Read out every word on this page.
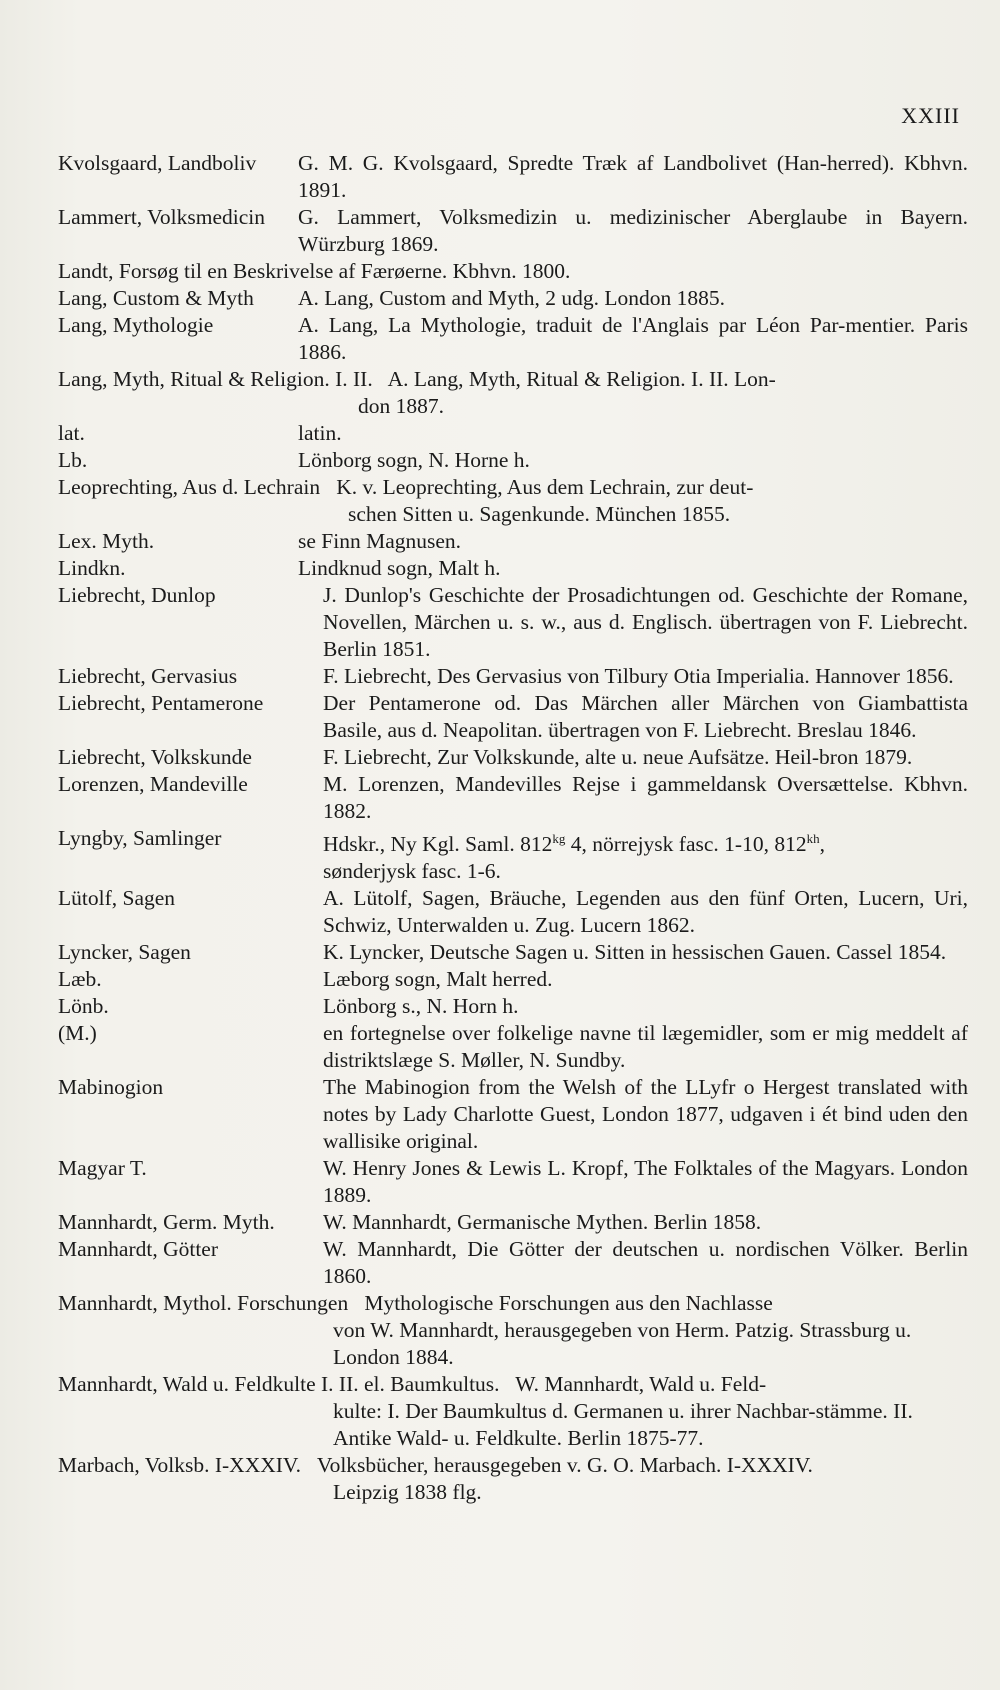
XXIII
Kvolsgaard, Landboliv	G. M. G. Kvolsgaard, Spredte Træk af Landbolivet (Han-herred). Kbhvn. 1891.
Lammert, Volksmedicin	G. Lammert, Volksmedizin u. medizinischer Aberglaube in Bayern. Würzburg 1869.
Landt, Forsøg til en Beskrivelse af Færøerne. Kbhvn. 1800.
Lang, Custom & Myth	A. Lang, Custom and Myth, 2 udg. London 1885.
Lang, Mythologie	A. Lang, La Mythologie, traduit de l'Anglais par Léon Par-mentier. Paris 1886.
Lang, Myth, Ritual & Religion. I. II.   A. Lang, Myth, Ritual & Religion. I. II. Lon-
don 1887.
lat.	latin.
Lb.	Lönborg sogn, N. Horne h.
Leoprechting, Aus d. Lechrain   K. v. Leoprechting, Aus dem Lechrain, zur deut-
schen Sitten u. Sagenkunde. München 1855.
Lex. Myth.	se Finn Magnusen.
Lindkn.	Lindknud sogn, Malt h.
Liebrecht, Dunlop	J. Dunlop's Geschichte der Prosadichtungen od. Geschichte der Romane, Novellen, Märchen u. s. w., aus d. Englisch. übertragen von F. Liebrecht. Berlin 1851.
Liebrecht, Gervasius	F. Liebrecht, Des Gervasius von Tilbury Otia Imperialia. Hannover 1856.
Liebrecht, Pentamerone	Der Pentamerone od. Das Märchen aller Märchen von Giambattista Basile, aus d. Neapolitan. übertragen von F. Liebrecht. Breslau 1846.
Liebrecht, Volkskunde	F. Liebrecht, Zur Volkskunde, alte u. neue Aufsätze. Heil-bron 1879.
Lorenzen, Mandeville	M. Lorenzen, Mandevilles Rejse i gammeldansk Oversættelse. Kbhvn. 1882.
Lyngby, Samlinger	Hdskr., Ny Kgl. Saml. $812^{kg}$ 4, nörrejysk fasc. 1-10, $812^{kh}$,
sønderjysk fasc. 1-6.
Lütolf, Sagen	A. Lütolf, Sagen, Bräuche, Legenden aus den fünf Orten, Lucern, Uri, Schwiz, Unterwalden u. Zug. Lucern 1862.
Lyncker, Sagen	K. Lyncker, Deutsche Sagen u. Sitten in hessischen Gauen. Cassel 1854.
Læb.	Læborg sogn, Malt herred.
Lönb.	Lönborg s., N. Horn h.
(M.)	en fortegnelse over folkelige navne til lægemidler, som er mig meddelt af distriktslæge S. Møller, N. Sundby.
Mabinogion	The Mabinogion from the Welsh of the LLyfr o Hergest translated with notes by Lady Charlotte Guest, London 1877, udgaven i ét bind uden den wallisike original.
Magyar T.	W. Henry Jones & Lewis L. Kropf, The Folktales of the Magyars. London 1889.
Mannhardt, Germ. Myth.	W. Mannhardt, Germanische Mythen. Berlin 1858.
Mannhardt, Götter	W. Mannhardt, Die Götter der deutschen u. nordischen Völker. Berlin 1860.
Mannhardt, Mythol. Forschungen   Mythologische Forschungen aus den Nachlasse
von W. Mannhardt, herausgegeben von Herm. Patzig. Strassburg u. London 1884.
Mannhardt, Wald u. Feldkulte I. II. el. Baumkultus.   W. Mannhardt, Wald u. Feld-
kulte: I. Der Baumkultus d. Germanen u. ihrer Nachbar-stämme. II. Antike Wald- u. Feldkulte. Berlin 1875-77.
Marbach, Volksb. I-XXXIV.   Volksbücher, herausgegeben v. G. O. Marbach. I-XXXIV.
Leipzig 1838 flg.
